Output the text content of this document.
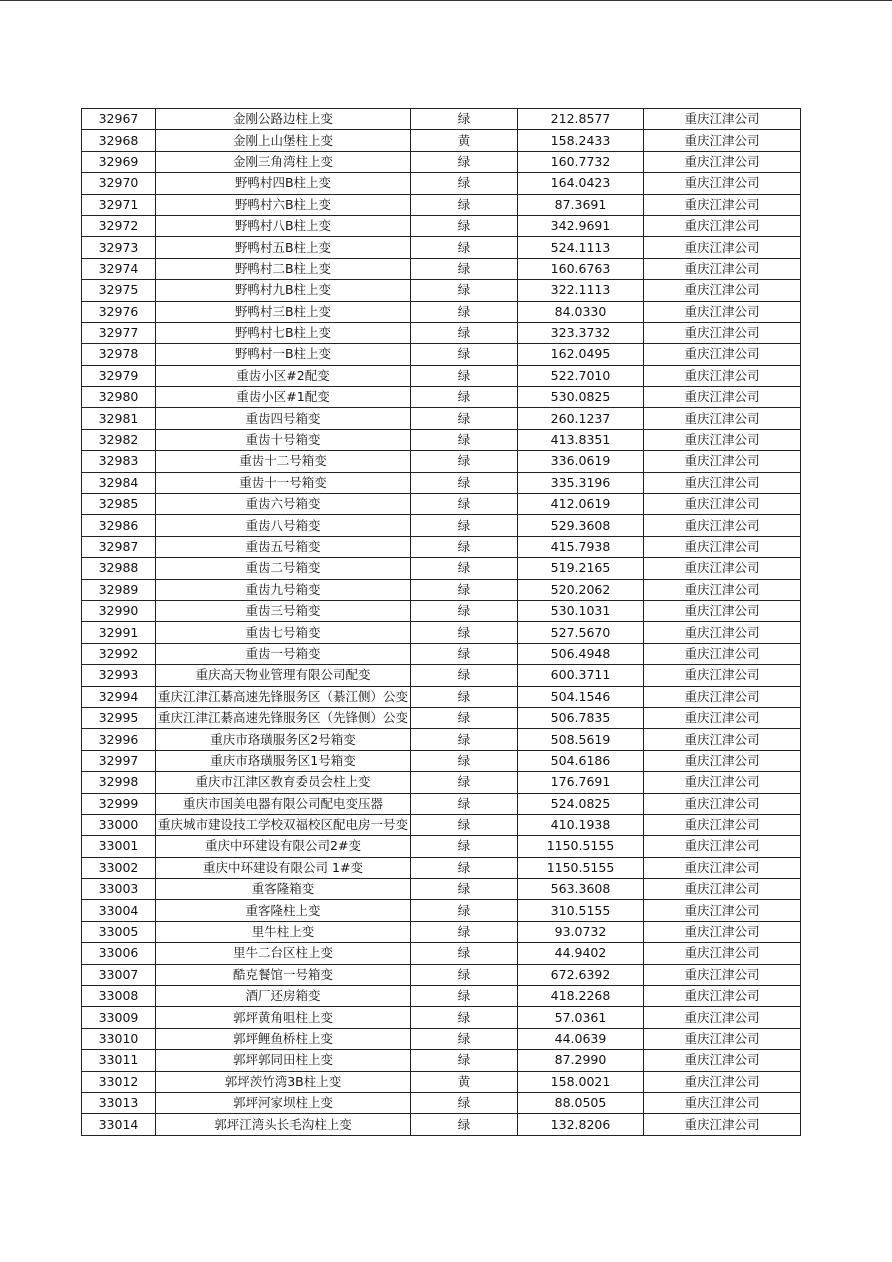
32967	金刚公路边柱上变	绿	212.8577	重庆江津公司

32968	金刚上山堡柱上变	黄	158.2433	重庆江津公司

32969	金刚三角湾柱上变	绿	160.7732	重庆江津公司

32970	野鸭村四B柱上变	绿	164.0423	重庆江津公司

32971	野鸭村六B柱上变	绿	87.3691	重庆江津公司

32972	野鸭村八B柱上变	绿	342.9691	重庆江津公司

32973	野鸭村五B柱上变	绿	524.1113	重庆江津公司

32974	野鸭村二B柱上变	绿	160.6763	重庆江津公司

32975	野鸭村九B柱上变	绿	322.1113	重庆江津公司

32976	野鸭村三B柱上变	绿	84.0330	重庆江津公司

32977	野鸭村七B柱上变	绿	323.3732	重庆江津公司

32978	野鸭村一B柱上变	绿	162.0495	重庆江津公司

32979	重齿小区#2配变	绿	522.7010	重庆江津公司

32980	重齿小区#1配变	绿	530.0825	重庆江津公司

32981	重齿四号箱变	绿	260.1237	重庆江津公司

32982	重齿十号箱变	绿	413.8351	重庆江津公司

32983	重齿十二号箱变	绿	336.0619	重庆江津公司

32984	重齿十一号箱变	绿	335.3196	重庆江津公司

32985	重齿六号箱变	绿	412.0619	重庆江津公司

32986	重齿八号箱变	绿	529.3608	重庆江津公司

32987	重齿五号箱变	绿	415.7938	重庆江津公司

32988	重齿二号箱变	绿	519.2165	重庆江津公司

32989	重齿九号箱变	绿	520.2062	重庆江津公司

32990	重齿三号箱变	绿	530.1031	重庆江津公司

32991	重齿七号箱变	绿	527.5670	重庆江津公司

32992	重齿一号箱变	绿	506.4948	重庆江津公司

32993	重庆高天物业管理有限公司配变	绿	600.3711	重庆江津公司

32994	重庆江津江綦高速先锋服务区（綦江侧）公变	绿	504.1546	重庆江津公司

32995	重庆江津江綦高速先锋服务区（先锋侧）公变	绿	506.7835	重庆江津公司

32996	重庆市珞璜服务区2号箱变	绿	508.5619	重庆江津公司

32997	重庆市珞璜服务区1号箱变	绿	504.6186	重庆江津公司

32998	重庆市江津区教育委员会柱上变	绿	176.7691	重庆江津公司

32999	重庆市国美电器有限公司配电变压器	绿	524.0825	重庆江津公司

33000	重庆城市建设技工学校双福校区配电房一号变	绿	410.1938	重庆江津公司

33001	重庆中环建设有限公司2#变	绿	1150.5155	重庆江津公司

33002	重庆中环建设有限公司 1#变	绿	1150.5155	重庆江津公司

33003	重客隆箱变	绿	563.3608	重庆江津公司

33004	重客隆柱上变	绿	310.5155	重庆江津公司

33005	里牛柱上变	绿	93.0732	重庆江津公司

33006	里牛二台区柱上变	绿	44.9402	重庆江津公司

33007	酷克餐馆一号箱变	绿	672.6392	重庆江津公司

33008	酒厂还房箱变	绿	418.2268	重庆江津公司

33009	郭坪黄角咀柱上变	绿	57.0361	重庆江津公司

33010	郭坪鲤鱼桥柱上变	绿	44.0639	重庆江津公司

33011	郭坪郭同田柱上变	绿	87.2990	重庆江津公司

33012	郭坪茨竹湾3B柱上变	黄	158.0021	重庆江津公司

33013	郭坪河家坝柱上变	绿	88.0505	重庆江津公司

33014	郭坪江湾头长毛沟柱上变	绿	132.8206	重庆江津公司
